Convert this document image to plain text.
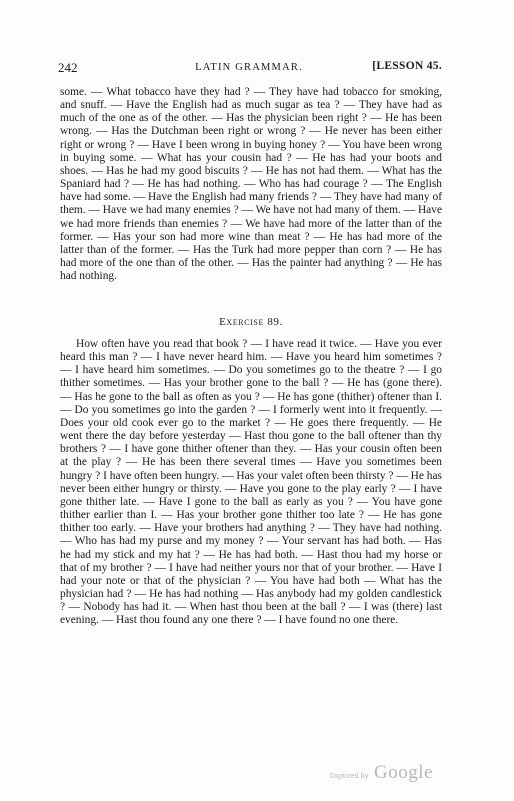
242	LATIN GRAMMAR.	[LESSON 45.

some. — What tobacco have they had ? — They have had tobacco for smoking, and snuff. — Have the English had as much sugar as tea ? — They have had as much of the one as of the other. — Has the physician been right ? — He has been wrong. — Has the Dutchman been right or wrong ? — He never has been either right or wrong ? — Have I been wrong in buying honey ? — You have been wrong in buying some. — What has your cousin had ? — He has had your boots and shoes. — Has he had my good biscuits ? — He has not had them. — What has the Spaniard had ? — He has had nothing. — Who has had courage ? — The English have had some. — Have the English had many friends ? — They have had many of them. — Have we had many enemies ? — We have not had many of them. — Have we had more friends than enemies ? — We have had more of the latter than of the former. — Has your son had more wine than meat ? — He has had more of the latter than of the former. — Has the Turk had more pepper than corn ? — He has had more of the one than of the other. — Has the painter had anything ? — He has had nothing.

Exercise 89.

How often have you read that book ? — I have read it twice. — Have you ever heard this man ? — I have never heard him. — Have you heard him sometimes ? — I have heard him sometimes. — Do you sometimes go to the theatre ? — I go thither sometimes. — Has your brother gone to the ball ? — He has (gone there). — Has he gone to the ball as often as you ? — He has gone (thither) oftener than I. — Do you sometimes go into the garden ? — I formerly went into it frequently. — Does your old cook ever go to the market ? — He goes there frequently. — He went there the day before yesterday — Hast thou gone to the ball oftener than thy brothers ? — I have gone thither oftener than they. — Has your cousin often been at the play ? — He has been there several times — Have you sometimes been hungry ? I have often been hungry. — Has your valet often been thirsty ? — He has never been either hungry or thirsty. — Have you gone to the play early ? — I have gone thither late. — Have I gone to the ball as early as you ? — You have gone thither earlier than I. — Has your brother gone thither too late ? — He has gone thither too early. — Have your brothers had anything ? — They have had nothing. — Who has had my purse and my money ? — Your servant has had both. — Has he had my stick and my hat ? — He has had both. — Hast thou had my horse or that of my brother ? — I have had neither yours nor that of your brother. — Have I had your note or that of the physician ? — You have had both — What has the physician had ? — He has had nothing — Has anybody had my golden candlestick ? — Nobody has had it. — When hast thou been at the ball ? — I was (there) last evening. — Hast thou found any one there ? — I have found no one there.

Digitized by Google
